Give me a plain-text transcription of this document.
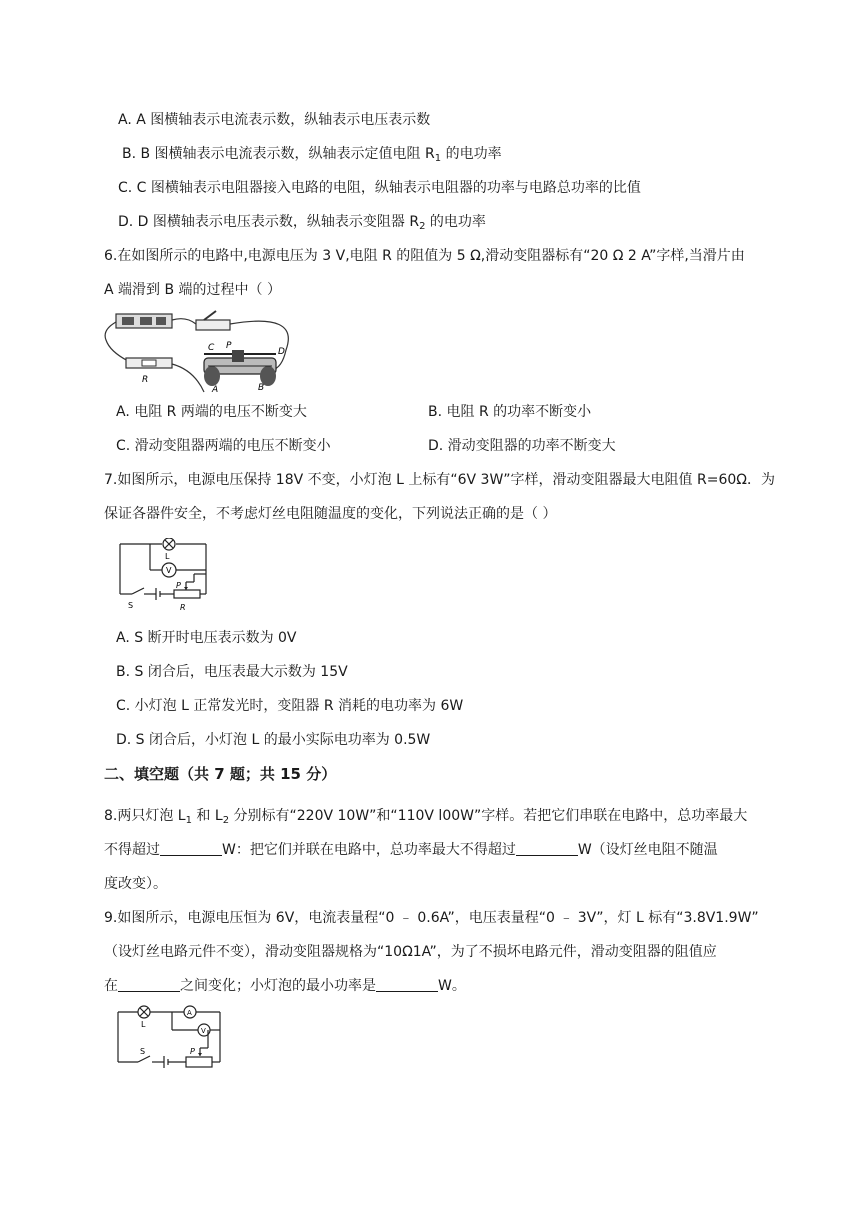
A. A 图横轴表示电流表示数，纵轴表示电压表示数
B. B 图横轴表示电流表示数，纵轴表示定值电阻 $R_1$ 的电功率
C. C 图横轴表示电阻器接入电路的电阻，纵轴表示电阻器的功率与电路总功率的比值
D. D 图横轴表示电压表示数，纵轴表示变阻器 $R_2$ 的电功率
6.在如图所示的电路中,电源电压为 3 V,电阻 R 的阻值为 5 Ω,滑动变阻器标有“20 Ω 2 A”字样,当滑片由
A 端滑到 B 端的过程中（ ）
C P
D
A	B
R
A. 电阻 R 两端的电压不断变大	B. 电阻 R 的功率不断变小
C. 滑动变阻器两端的电压不断变小	D. 滑动变阻器的功率不断变大
7.如图所示，电源电压保持 18V 不变，小灯泡 L 上标有“6V 3W”字样，滑动变阻器最大电阻值 R=60Ω．为
保证各器件安全，不考虑灯丝电阻随温度的变化，下列说法正确的是（ ）
L
V
S
P
R
A. S 断开时电压表示数为 0V
B. S 闭合后，电压表最大示数为 15V
C. 小灯泡 L 正常发光时，变阻器 R 消耗的电功率为 6W
D. S 闭合后，小灯泡 L 的最小实际电功率为 0.5W
二、填空题（共 7 题；共 15 分）
8.两只灯泡 $L_1$ 和 $L_2$ 分别标有“220V 10W”和“110V l00W”字样。若把它们串联在电路中，总功率最大
不得超过	W：把它们并联在电路中，总功率最大不得超过	W（设灯丝电阻不随温
度改变）。
9.如图所示，电源电压恒为 6V，电流表量程“0 ﹣ 0.6A”，电压表量程“0 ﹣ 3V”，灯 L 标有“3.8V1.9W”
（设灯丝电路元件不变），滑动变阻器规格为“10Ω1A”，为了不损坏电路元件，滑动变阻器的阻值应
在	之间变化；小灯泡的最小功率是	W。
L
A
V
S	P
